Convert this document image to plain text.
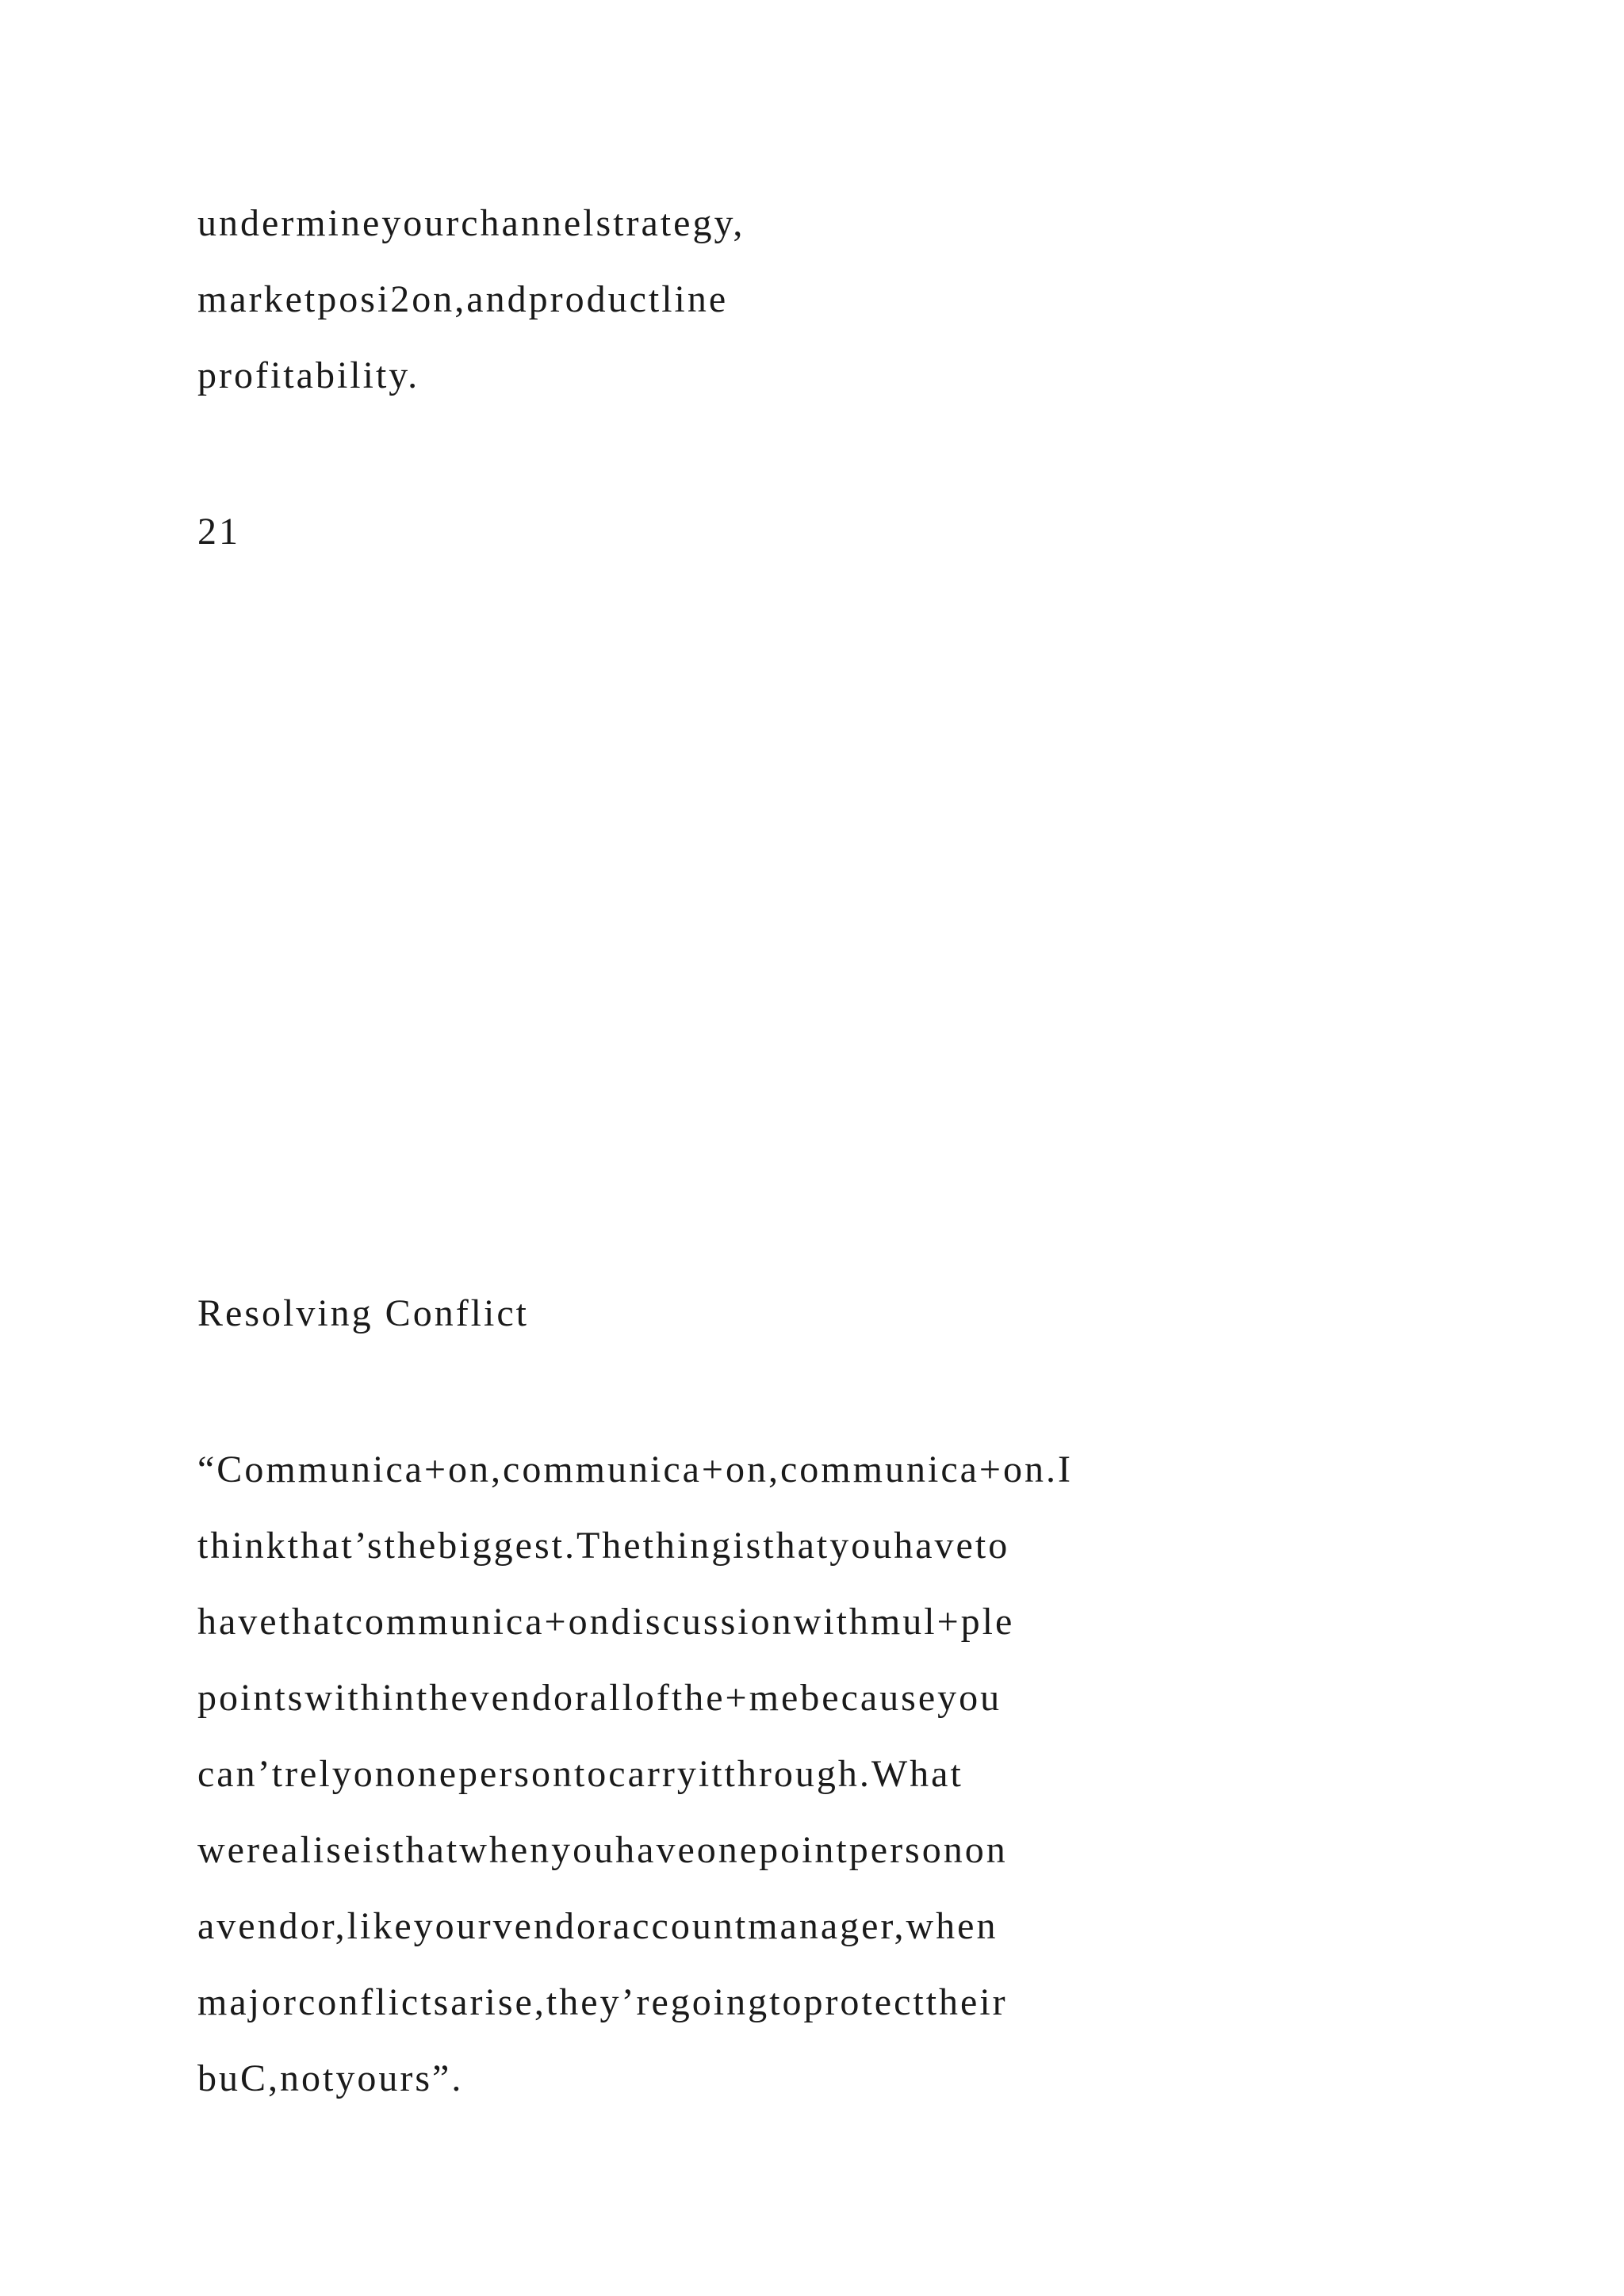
undermineyourchannelstrategy,
marketposi2on,andproductline
profitability.
21
Resolving Conflict
“Communica+on,communica+on,communica+on.I
thinkthat’sthebiggest.Thethingisthatyouhaveto
havethatcommunica+ondiscussionwithmul+ple
pointswithinthevendorallofthe+mebecauseyou
can’trelyononepersontocarryitthrough.What
werealiseisthatwhenyouhaveonepointpersonon
avendor,likeyourvendoraccountmanager,when
majorconflictsarise,they’regoingtoprotecttheir
buC,notyours”.
